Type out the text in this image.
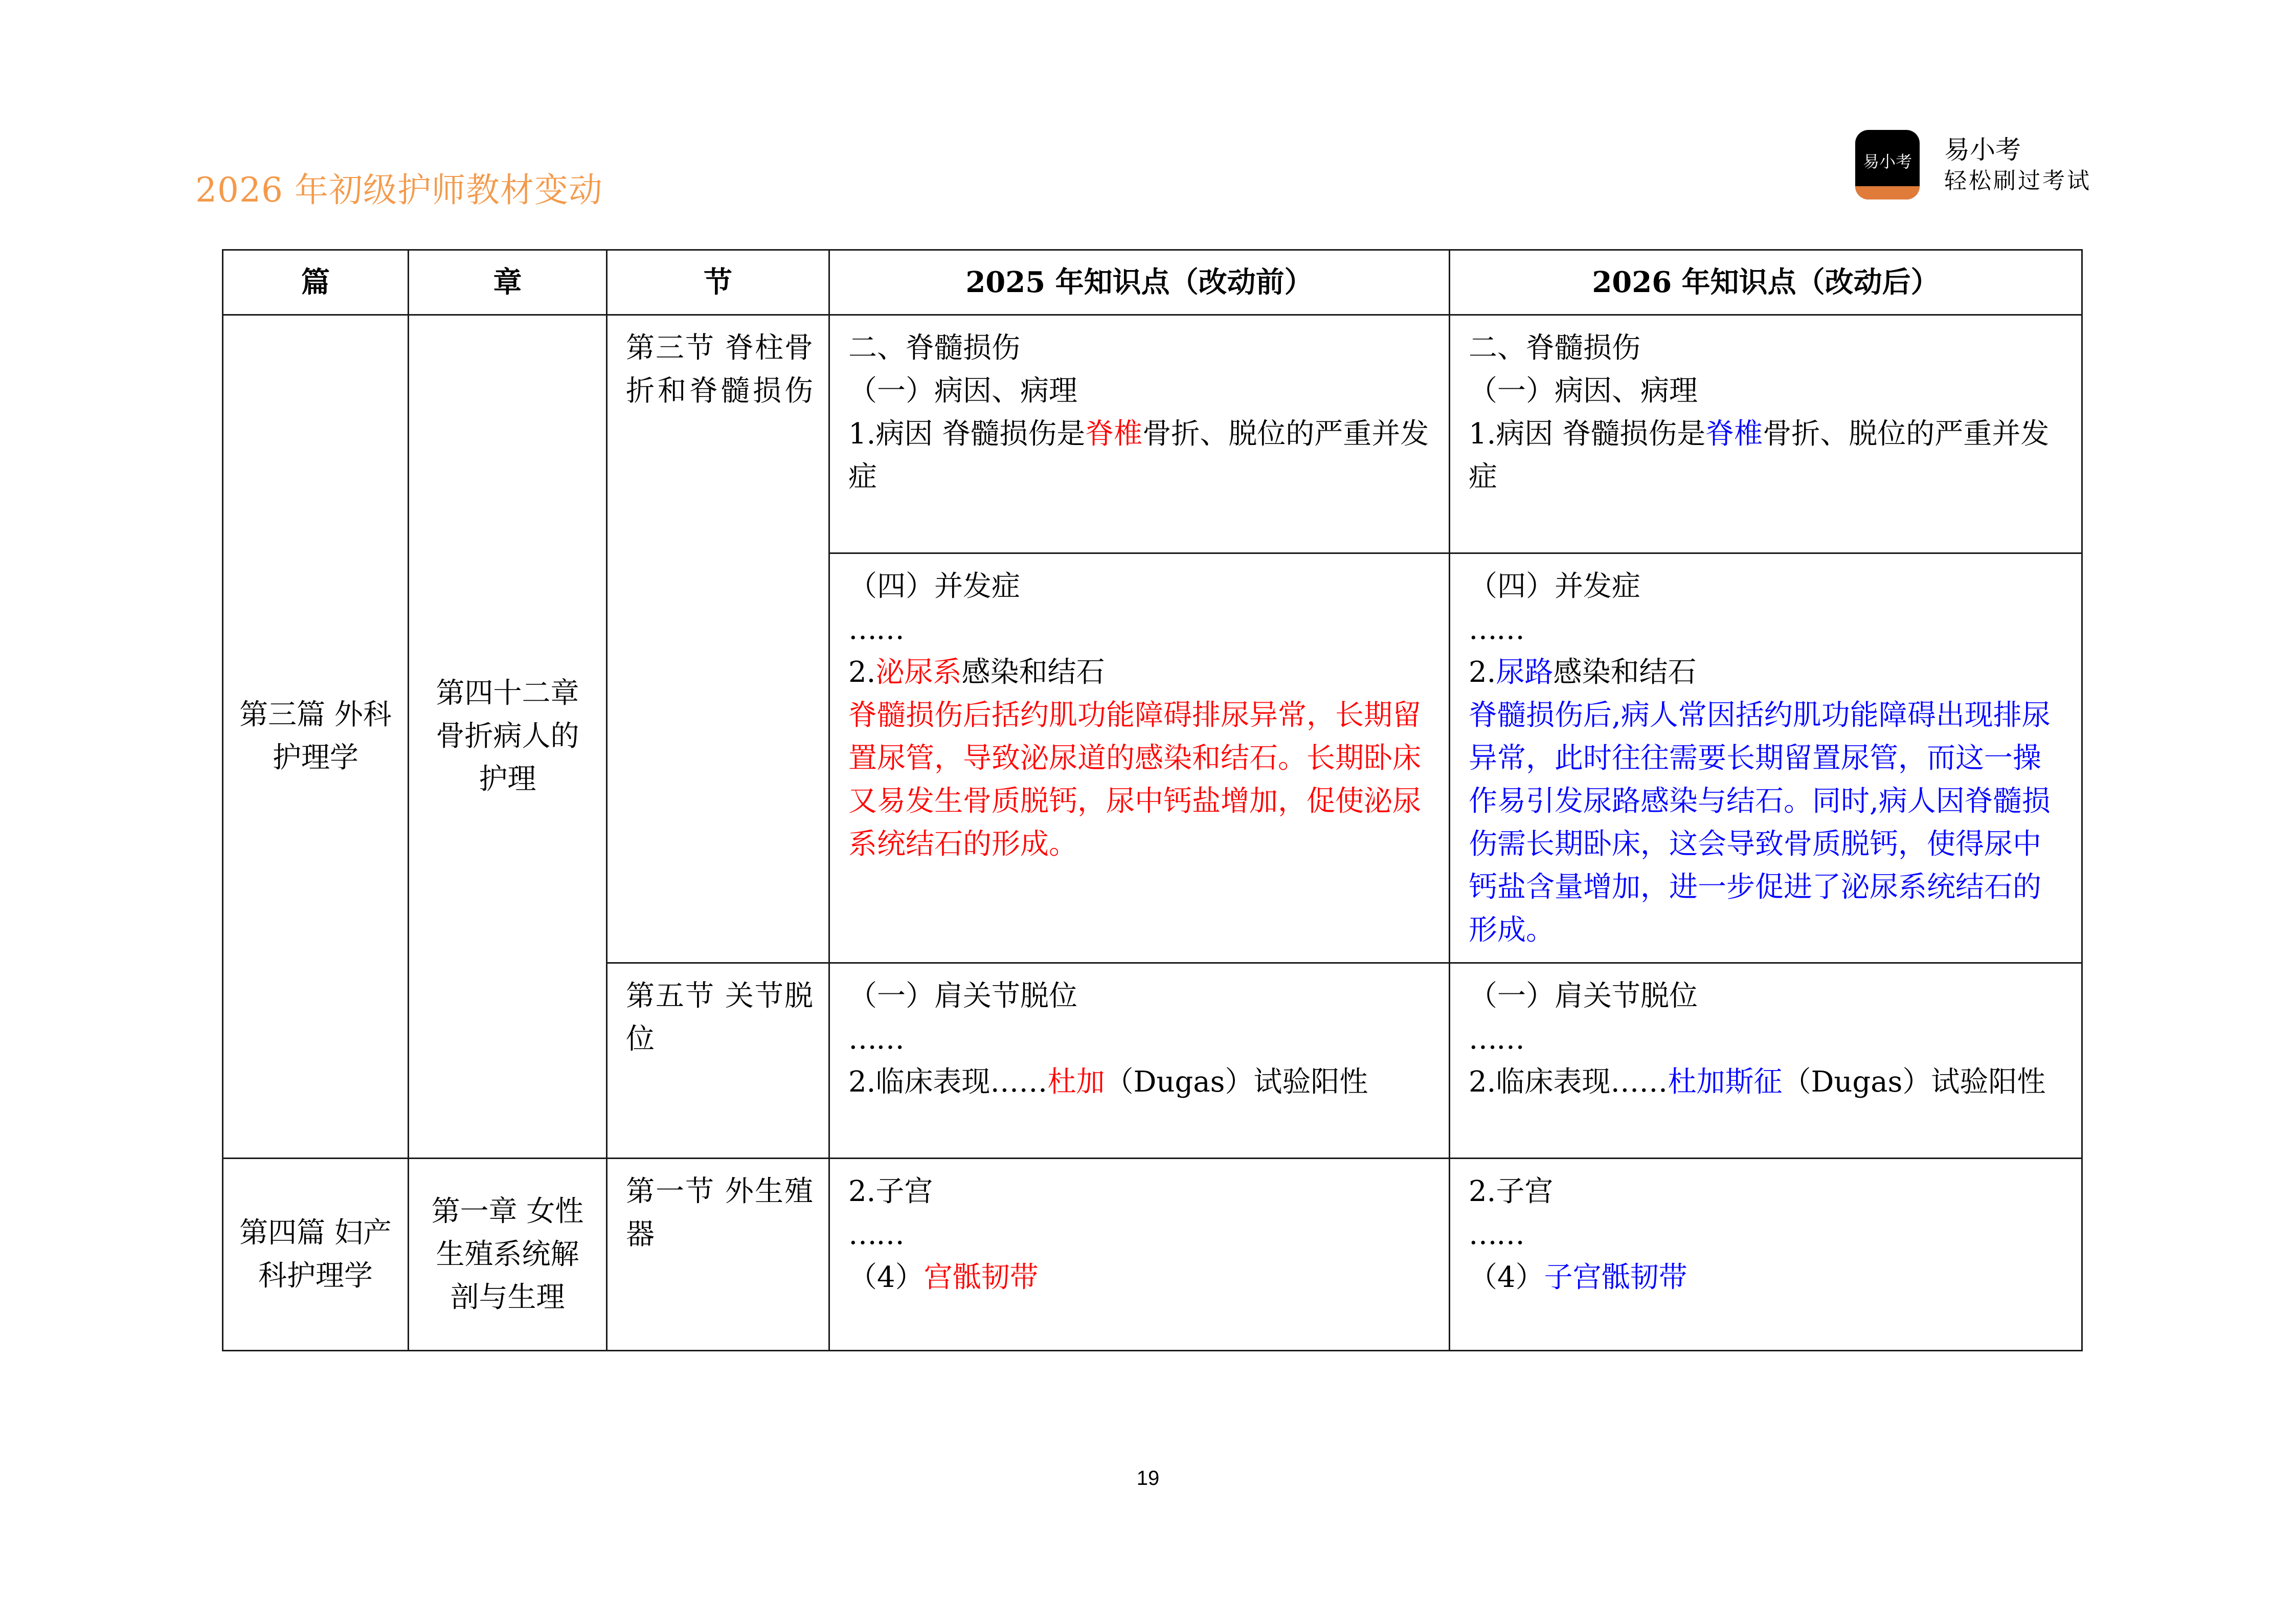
2026 年初级护师教材变动
易小考 易小考
轻松刷过考试
篇	章	节	2025 年知识点（改动前）	2026 年知识点（改动后）
第三篇 外科护理学	第四十二章 骨折病人的护理	第三节 脊柱骨折和脊髓损伤	二、脊髓损伤
（一）病因、病理
1.病因 脊髓损伤是脊椎骨折、脱位的严重并发症	二、脊髓损伤
（一）病因、病理
1.病因 脊髓损伤是脊椎骨折、脱位的严重并发症

			（四）并发症
……
2.泌尿系感染和结石
脊髓损伤后括约肌功能障碍排尿异常，长期留置尿管，导致泌尿道的感染和结石。长期卧床又易发生骨质脱钙，尿中钙盐增加，促使泌尿系统结石的形成。	（四）并发症
……
2.尿路感染和结石
脊髓损伤后,病人常因括约肌功能障碍出现排尿异常，此时往往需要长期留置尿管，而这一操作易引发尿路感染与结石。同时,病人因脊髓损伤需长期卧床，这会导致骨质脱钙，使得尿中钙盐含量增加，进一步促进了泌尿系统结石的形成。

		第五节 关节脱位	（一）肩关节脱位
……
2.临床表现……杜加（Dugas）试验阳性	（一）肩关节脱位
……
2.临床表现……杜加斯征（Dugas）试验阳性
第四篇 妇产科护理学	第一章 女性生殖系统解剖与生理	第一节 外生殖器	2.子宫
……
（4）宫骶韧带	2.子宫
……
（4）子宫骶韧带
19
